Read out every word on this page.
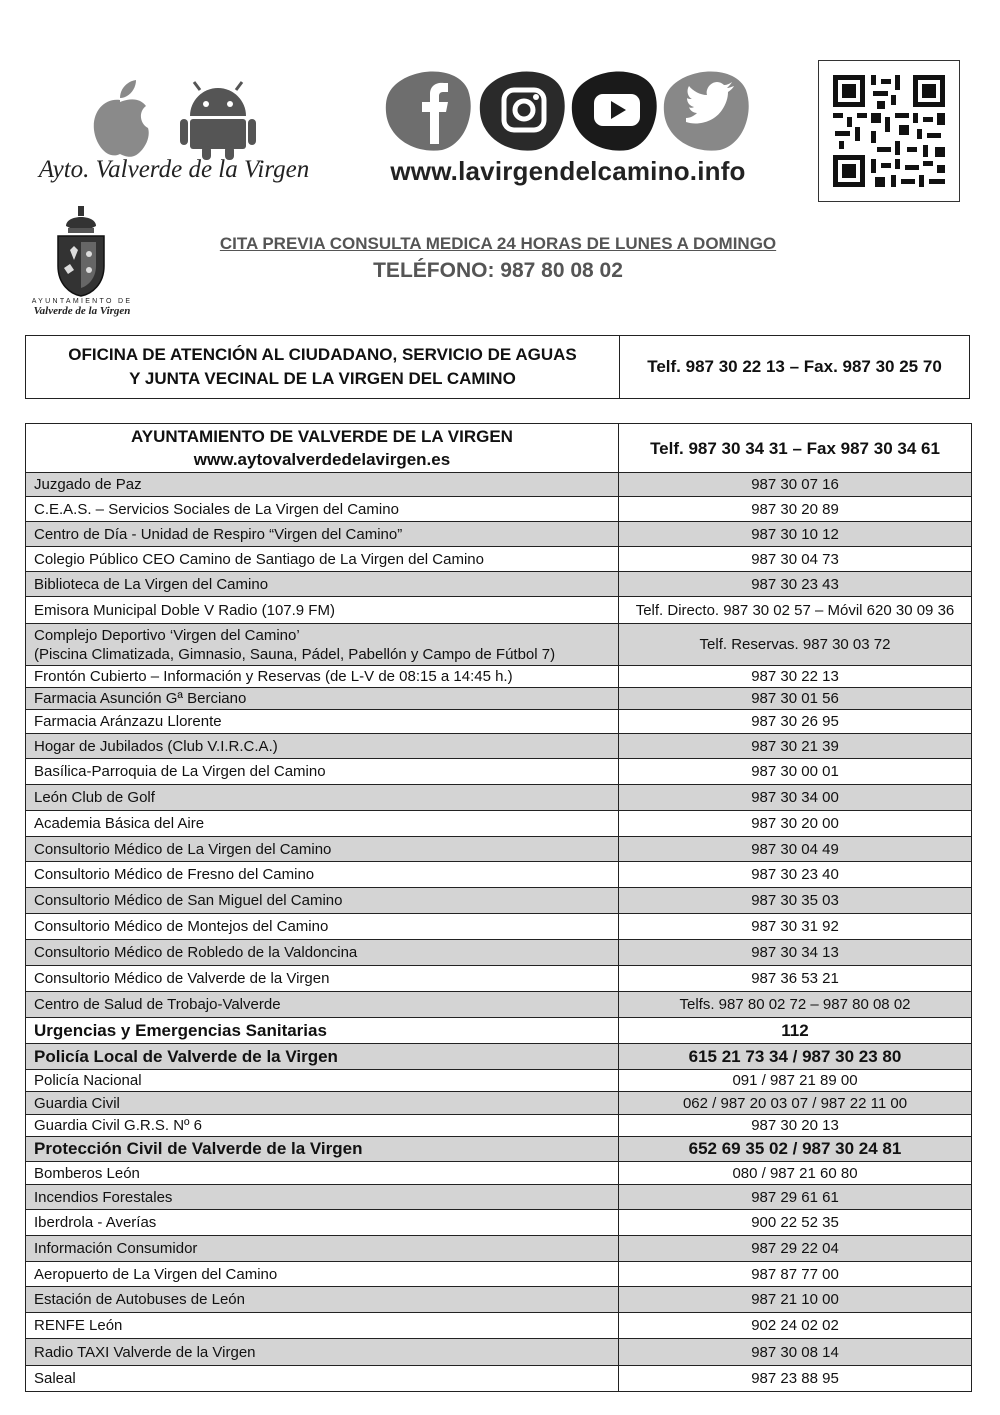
Ayto. Valverde de la Virgen	www.lavirgendelcamino.info
AYUNTAMIENTO DE
Valverde de la Virgen
CITA PREVIA CONSULTA MEDICA 24 HORAS DE LUNES A DOMINGO
TELÉFONO: 987 80 08 02
OFICINA DE ATENCIÓN AL CIUDADANO, SERVICIO DE AGUAS
Y JUNTA VECINAL DE LA VIRGEN DEL CAMINO
Telf. 987 30 22 13 – Fax. 987 30 25 70
AYUNTAMIENTO DE VALVERDE DE LA VIRGEN
www.aytovalverdedelavirgen.es	Telf. 987 30 34 31 – Fax 987 30 34 61
Juzgado de Paz	987 30 07 16
C.E.A.S. – Servicios Sociales de La Virgen del Camino	987 30 20 89
Centro de Día - Unidad de Respiro “Virgen del Camino”	987 30 10 12
Colegio Público CEO Camino de Santiago de La Virgen del Camino	987 30 04 73
Biblioteca de La Virgen del Camino	987 30 23 43
Emisora Municipal Doble V Radio (107.9 FM)	Telf. Directo. 987 30 02 57 – Móvil 620 30 09 36

Complejo Deportivo ‘Virgen del Camino’
(Piscina Climatizada, Gimnasio, Sauna, Pádel, Pabellón y Campo de Fútbol 7)	Telf. Reservas. 987 30 03 72
Frontón Cubierto – Información y Reservas (de L-V de 08:15 a 14:45 h.)	987 30 22 13
Farmacia Asunción Gª Berciano	987 30 01 56
Farmacia Aránzazu Llorente	987 30 26 95
Hogar de Jubilados (Club V.I.R.C.A.)	987 30 21 39
Basílica-Parroquia de La Virgen del Camino	987 30 00 01
León Club de Golf	987 30 34 00
Academia Básica del Aire	987 30 20 00
Consultorio Médico de La Virgen del Camino	987 30 04 49
Consultorio Médico de Fresno del Camino	987 30 23 40
Consultorio Médico de San Miguel del Camino	987 30 35 03
Consultorio Médico de Montejos del Camino	987 30 31 92
Consultorio Médico de Robledo de la Valdoncina	987 30 34 13
Consultorio Médico de Valverde de la Virgen	987 36 53 21
Centro de Salud de Trobajo-Valverde	Telfs. 987 80 02 72 – 987 80 08 02
Urgencias y Emergencias Sanitarias	112
Policía Local de Valverde de la Virgen	615 21 73 34 / 987 30 23 80
Policía Nacional	091 / 987 21 89 00
Guardia Civil	062 / 987 20 03 07 / 987 22 11 00
Guardia Civil G.R.S. Nº 6	987 30 20 13
Protección Civil de Valverde de la Virgen	652 69 35 02 / 987 30 24 81
Bomberos León	080 / 987 21 60 80
Incendios Forestales	987 29 61 61
Iberdrola - Averías	900 22 52 35
Información Consumidor	987 29 22 04
Aeropuerto de La Virgen del Camino	987 87 77 00
Estación de Autobuses de León	987 21 10 00
RENFE León	902 24 02 02
Radio TAXI Valverde de la Virgen	987 30 08 14
Saleal	987 23 88 95
